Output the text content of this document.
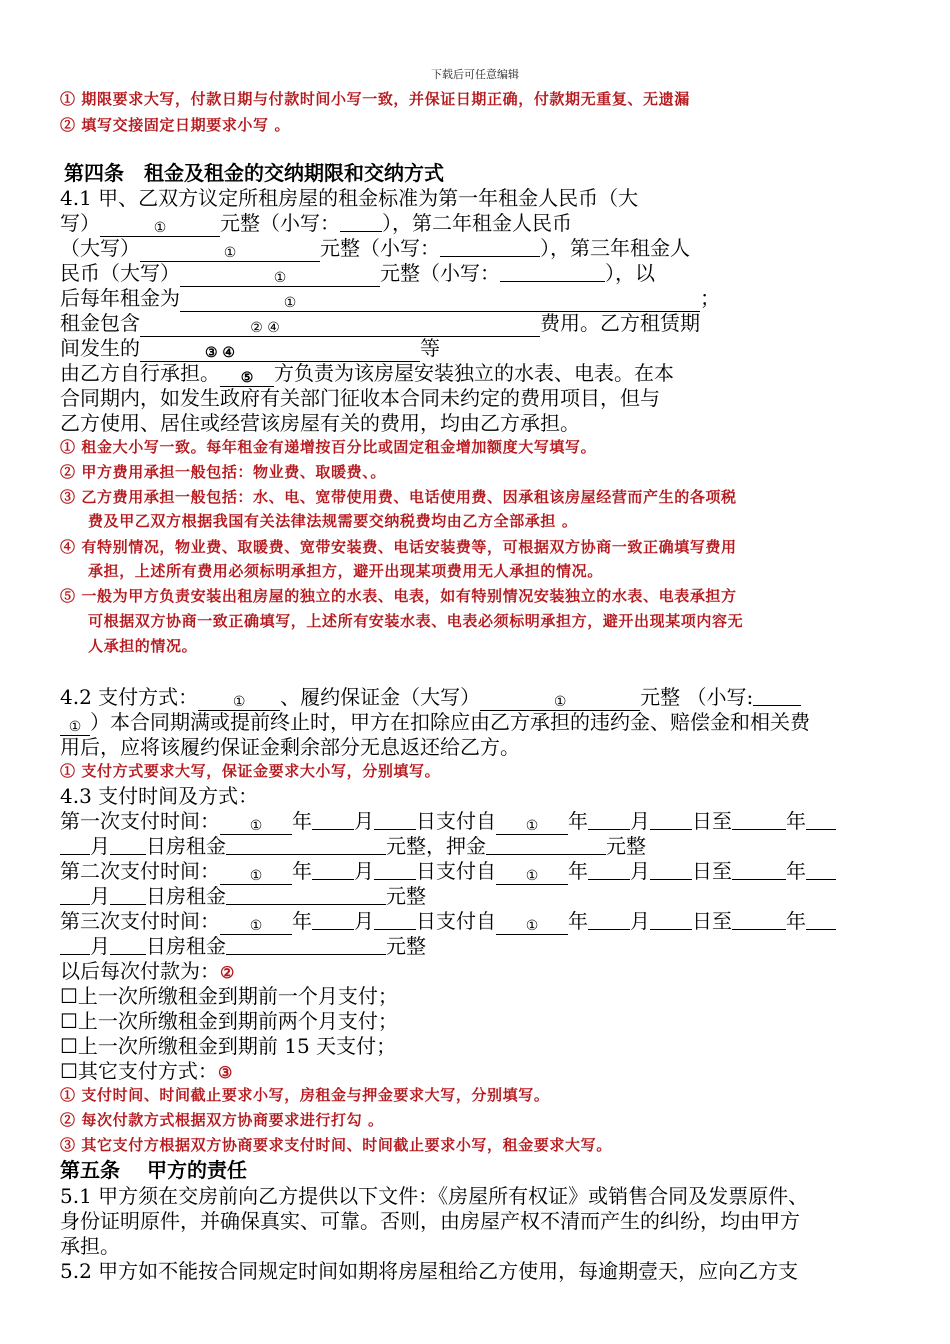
下载后可任意编辑
① 期限要求大写，付款日期与付款时间小写一致，并保证日期正确，付款期无重复、无遗漏
② 填写交接固定日期要求小写 。
第四条　租金及租金的交纳期限和交纳方式
4.1 甲、乙双方议定所租房屋的租金标准为第一年租金人民币（大
写）	①	元整（小写： ），第二年租金人民币
（大写）	①	元整（小写：	），第三年租金人
民币（大写）	①	元整（小写：	），以
后每年租金为	①	；
租金包含	② ④	费用。乙方租赁期
间发生的	③ ④	等
由乙方自行承担。 ⑤ 方负责为该房屋安装独立的水表、电表。在本
合同期内，如发生政府有关部门征收本合同未约定的费用项目，但与
乙方使用、居住或经营该房屋有关的费用，均由乙方承担。
① 租金大小写一致。每年租金有递增按百分比或固定租金增加额度大写填写。
② 甲方费用承担一般包括：物业费、取暖费、。
③ 乙方费用承担一般包括：水、电、宽带使用费、电话使用费、因承租该房屋经营而产生的各项税
费及甲乙双方根据我国有关法律法规需要交纳税费均由乙方全部承担 。
④ 有特别情况，物业费、取暖费、宽带安装费、电话安装费等，可根据双方协商一致正确填写费用
承担，上述所有费用必须标明承担方，避开出现某项费用无人承担的情况。
⑤ 一般为甲方负责安装出租房屋的独立的水表、电表，如有特别情况安装独立的水表、电表承担方
可根据双方协商一致正确填写，上述所有安装水表、电表必须标明承担方，避开出现某项内容无
人承担的情况。
4.2 支付方式： ① 、履约保证金（大写）	①	元整 （小写:
① ）本合同期满或提前终止时，甲方在扣除应由乙方承担的违约金、赔偿金和相关费
用后，应将该履约保证金剩余部分无息返还给乙方。
① 支付方式要求大写，保证金要求大小写，分别填写。
4.3 支付时间及方式：
第一次支付时间： ① 年 月 日支付自 ① 年 月 日至	年
月 日房租金	元整，押金	元整
第二次支付时间： ① 年 月 日支付自 ① 年 月 日至	年
月 日房租金	元整
第三次支付时间： ① 年 月 日支付自 ① 年 月 日至	年
月 日房租金	元整
以后每次付款为：②
☐上一次所缴租金到期前一个月支付；
☐上一次所缴租金到期前两个月支付；
☐上一次所缴租金到期前 15 天支付；
☐其它支付方式：③
① 支付时间、时间截止要求小写，房租金与押金要求大写，分别填写。
② 每次付款方式根据双方协商要求进行打勾 。
③ 其它支付方根据双方协商要求支付时间、时间截止要求小写，租金要求大写。
第五条　 甲方的责任
5.1 甲方须在交房前向乙方提供以下文件：《房屋所有权证》或销售合同及发票原件、
身份证明原件，并确保真实、可靠。否则，由房屋产权不清而产生的纠纷，均由甲方
承担。
5.2 甲方如不能按合同规定时间如期将房屋租给乙方使用，每逾期壹天，应向乙方支
